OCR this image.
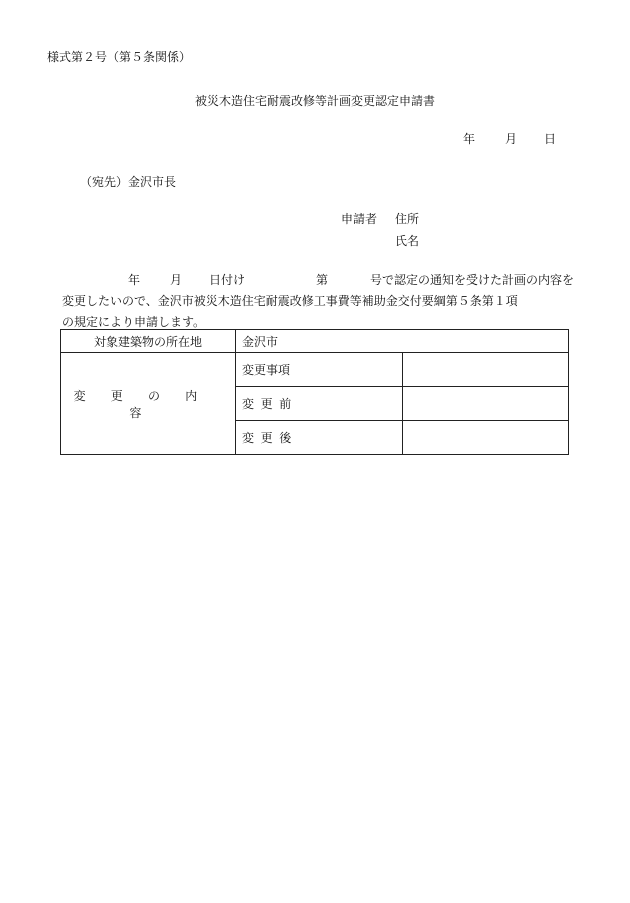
様式第２号（第５条関係）
被災木造住宅耐震改修等計画変更認定申請書
年 月 日
（宛先）金沢市長
申請者 住所
氏名
年 月 日付け	第	号で認定の通知を受けた計画の内容を
変更したいので、金沢市被災木造住宅耐震改修工事費等補助金交付要綱第５条第１項
の規定により申請します。
対象建築物の所在地	金沢市	
変更の内容	変更事項	
	変更前	
	変更後	
